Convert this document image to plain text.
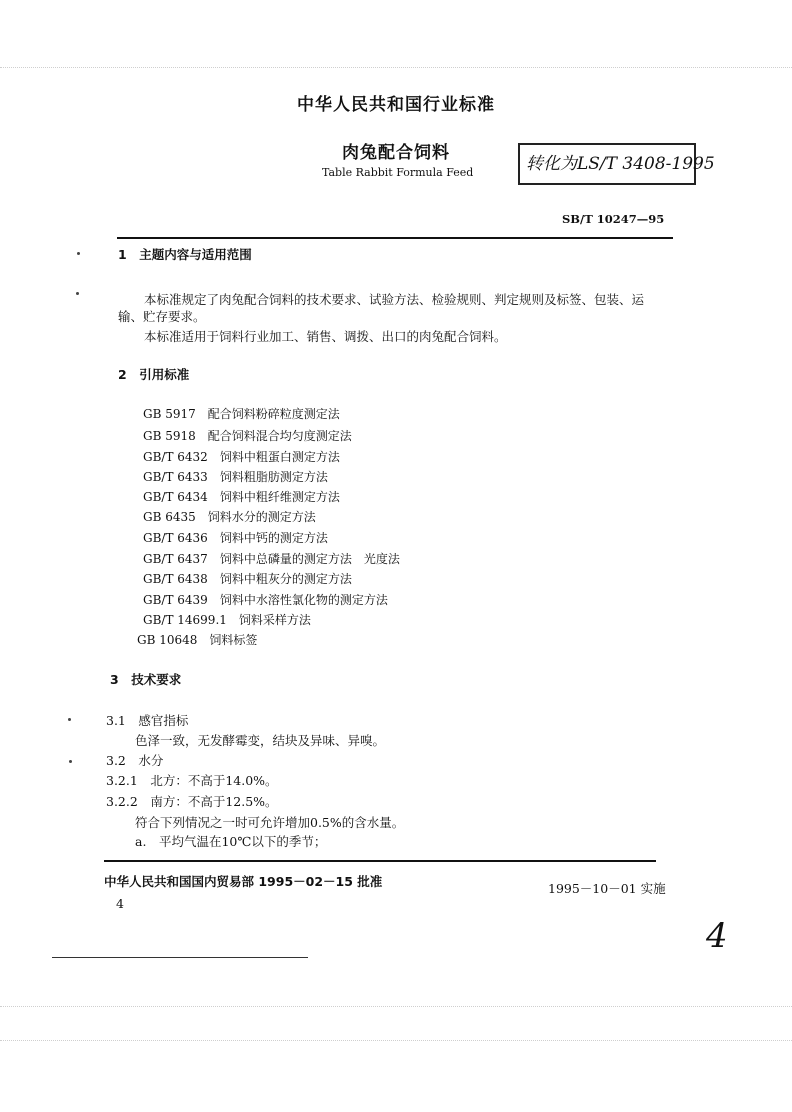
中华人民共和国行业标准
肉兔配合饲料
Table Rabbit Formula Feed	转化为LS/T 3408-1995
SB/T 10247—95
1　主题内容与适用范围
本标准规定了肉兔配合饲料的技术要求、试验方法、检验规则、判定规则及标签、包装、运
输、贮存要求。
本标准适用于饲料行业加工、销售、调拨、出口的肉兔配合饲料。
2　引用标准
GB 5917　 配合饲料粉碎粒度测定法
GB 5918　 配合饲料混合均匀度测定法
GB/T 6432　 饲料中粗蛋白测定方法
GB/T 6433　 饲料粗脂肪测定方法
GB/T 6434　 饲料中粗纤维测定方法
GB 6435　 饲料水分的测定方法
GB/T 6436　 饲料中钙的测定方法
GB/T 6437　 饲料中总磷量的测定方法　光度法
GB/T 6438　 饲料中粗灰分的测定方法
GB/T 6439　 饲料中水溶性氯化物的测定方法
GB/T 14699.1　 饲料采样方法
GB 10648　 饲料标签
3　技术要求
3.1　 感官指标
色泽一致，无发酵霉变，结块及异味、异嗅。
3.2　 水分
3.2.1　 北方：不高于14.0%。
3.2.2　 南方：不高于12.5%。
符合下列情况之一时可允许增加0.5%的含水量。
a.　 平均气温在10℃以下的季节；
中华人民共和国国内贸易部 1995－02－15 批准	1995－10－01 实施
4
4
